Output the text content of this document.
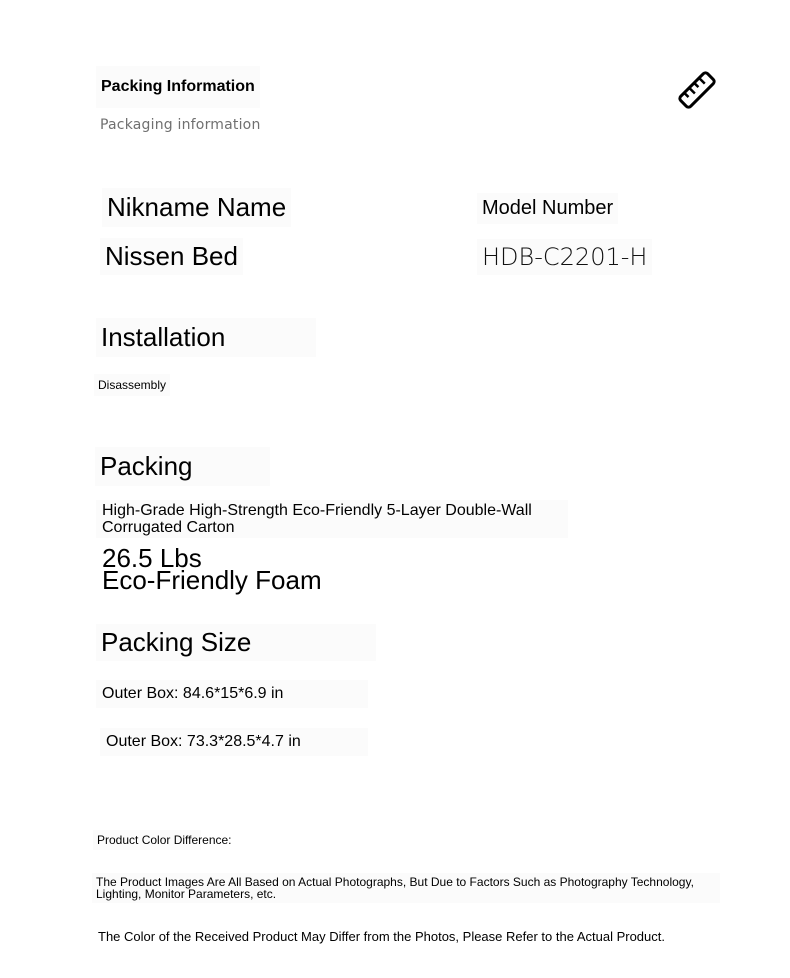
Packing Information
Packaging information
Nikname Name
Nissen Bed
Model Number
HDB-C2201-H
Installation
Disassembly
Packing
High-Grade High-Strength Eco-Friendly 5-Layer Double-Wall Corrugated Carton
26.5 Lbs
Eco-Friendly Foam
Packing Size
Outer Box: 84.6*15*6.9 in
Outer Box: 73.3*28.5*4.7 in
Product Color Difference:
The Product Images Are All Based on Actual Photographs, But Due to Factors Such as Photography Technology, Lighting, Monitor Parameters, etc.
The Color of the Received Product May Differ from the Photos, Please Refer to the Actual Product.
